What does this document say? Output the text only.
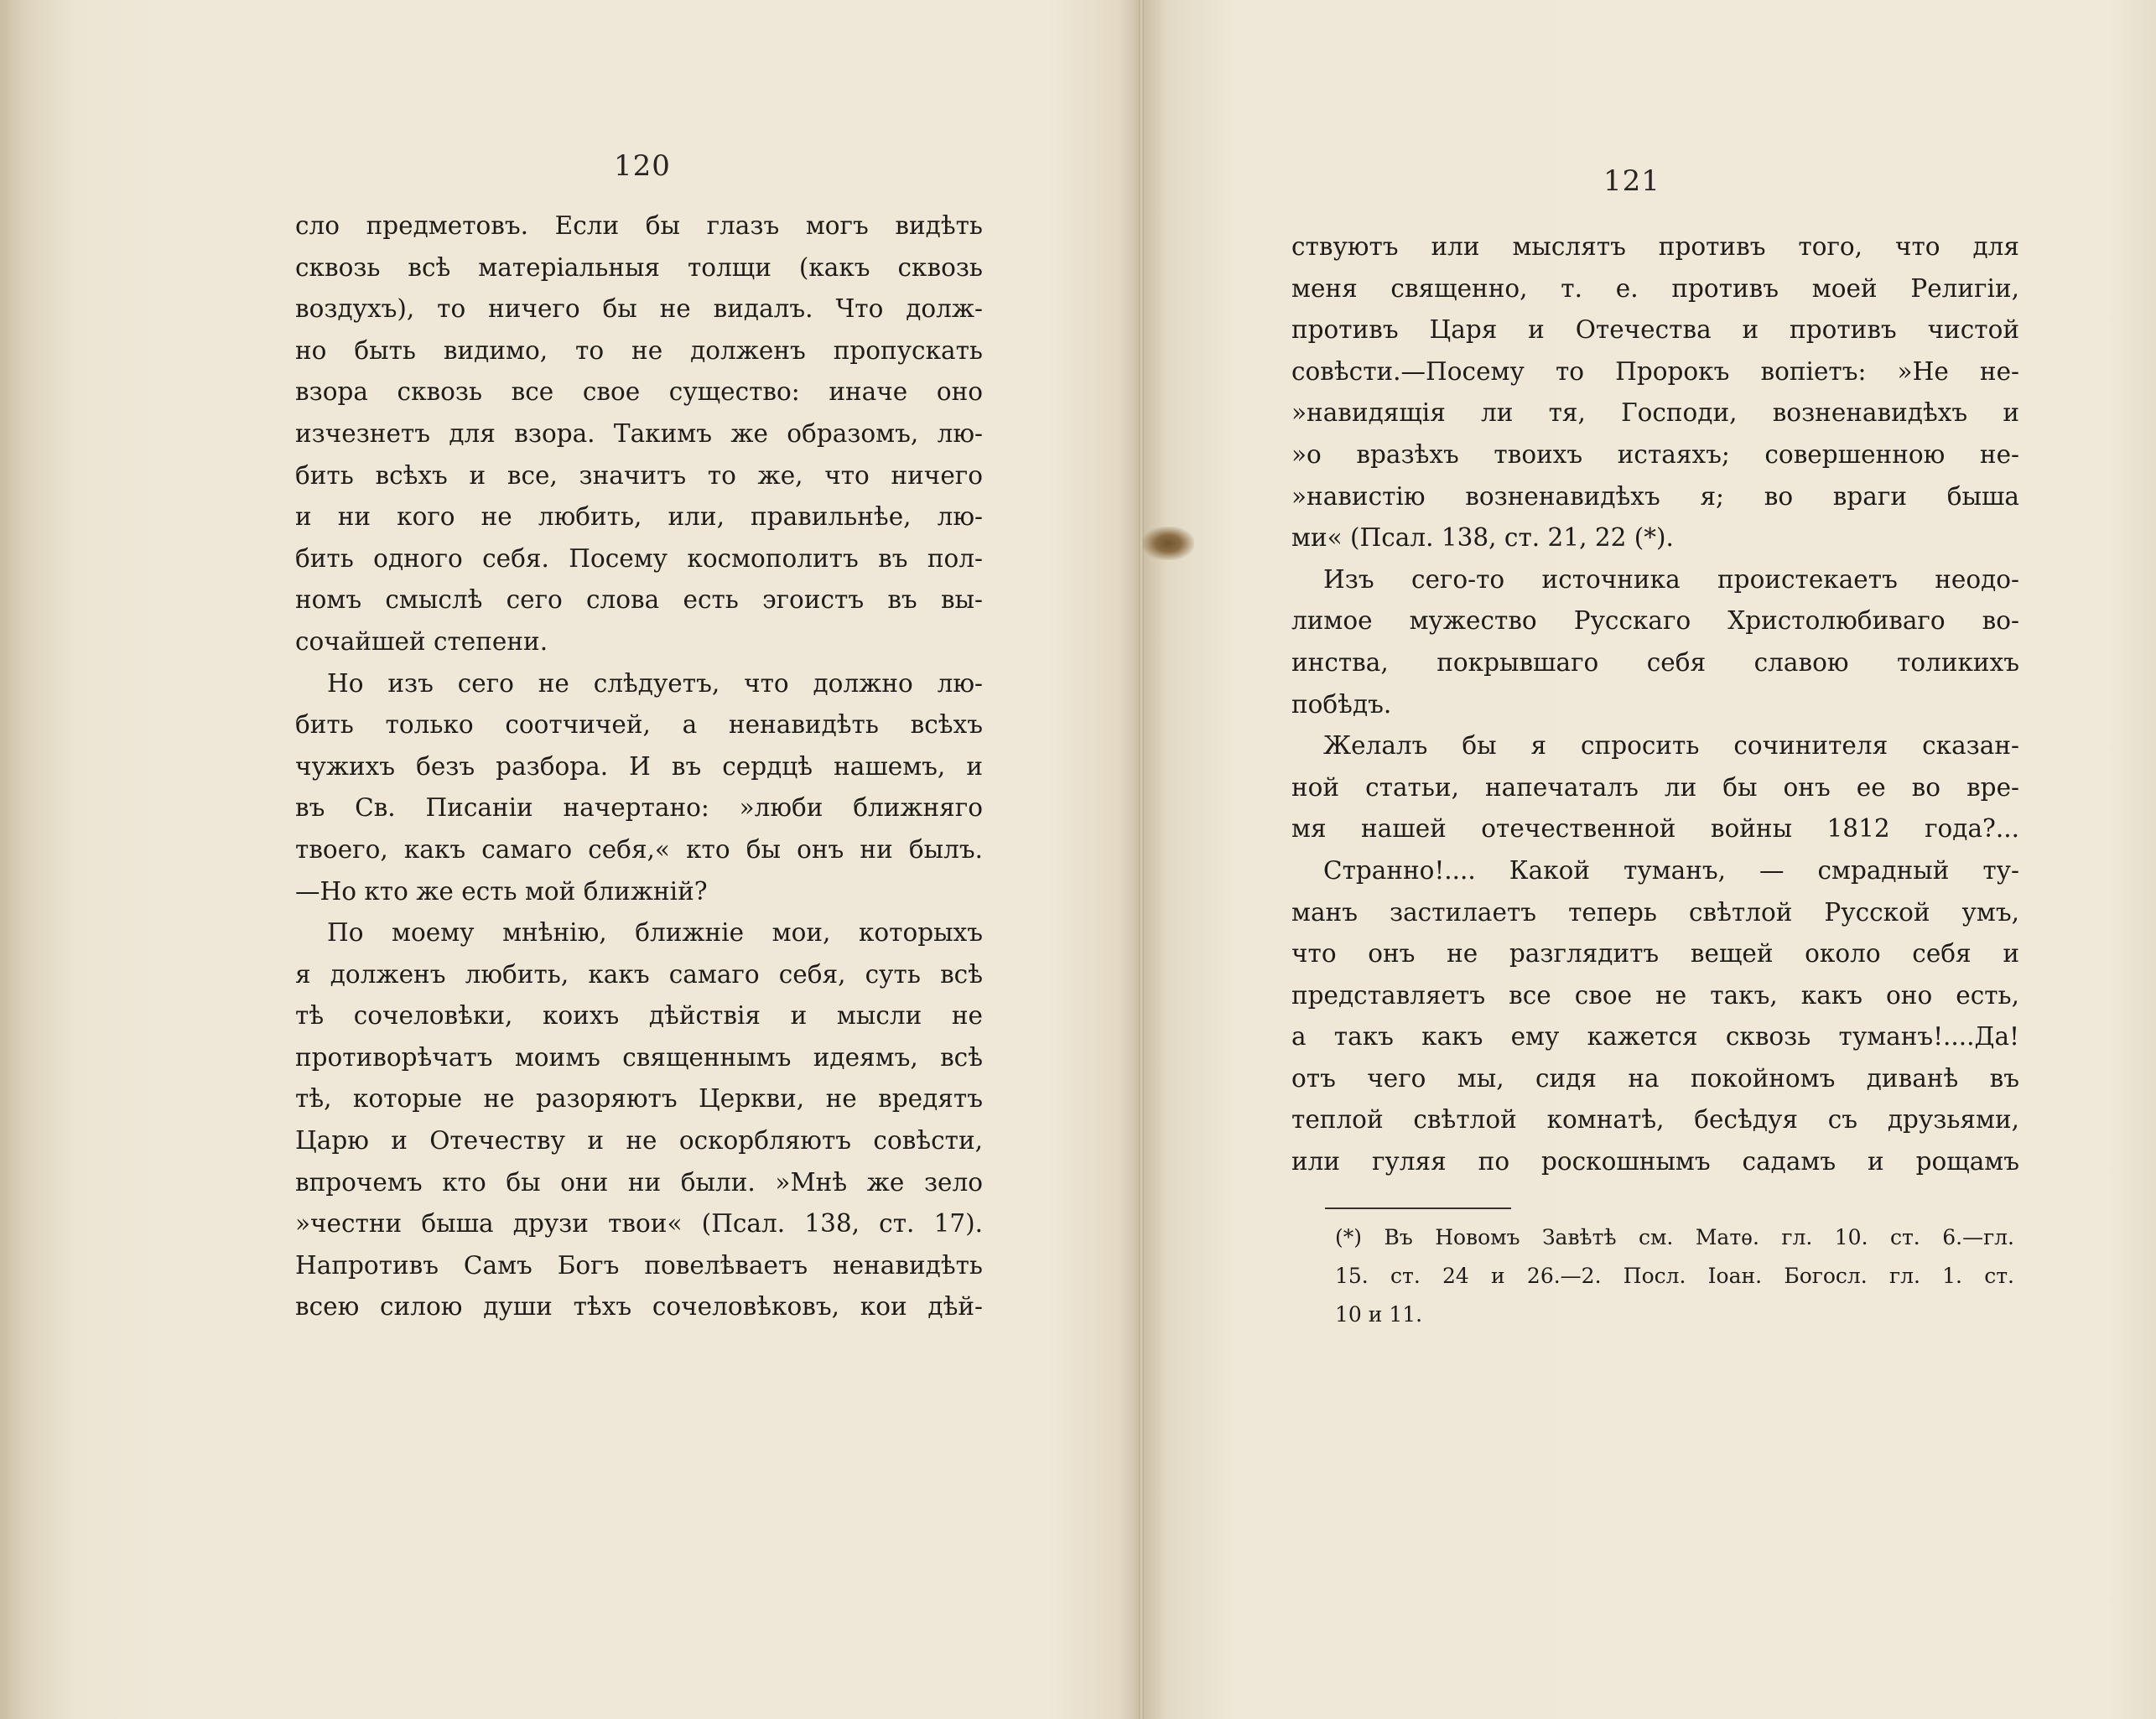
120
сло предметовъ. Если бы глазъ могъ видѣть
сквозь всѣ матеріальныя толщи (какъ сквозь
воздухъ), то ничего бы не видалъ. Что долж-
но быть видимо, то не долженъ пропускать
взора сквозь все свое существо: иначе оно
изчезнетъ для взора. Такимъ же образомъ, лю-
бить всѣхъ и все, значитъ то же, что ничего
и ни кого не любить, или, правильнѣе, лю-
бить одного себя. Посему космополитъ въ пол-
номъ смыслѣ сего слова есть эгоистъ въ вы-
сочайшей степени.
Но изъ сего не слѣдуетъ, что должно лю-
бить только соотчичей, а ненавидѣть всѣхъ
чужихъ безъ разбора. И въ сердцѣ нашемъ, и
въ Св. Писаніи начертано: »люби ближняго
твоего, какъ самаго себя,« кто бы онъ ни былъ.
—Но кто же есть мой ближній?
По моему мнѣнію, ближніе мои, которыхъ
я долженъ любить, какъ самаго себя, суть всѣ
тѣ сочеловѣки, коихъ дѣйствія и мысли не
противорѣчатъ моимъ священнымъ идеямъ, всѣ
тѣ, которые не разоряютъ Церкви, не вредятъ
Царю и Отечеству и не оскорбляютъ совѣсти,
впрочемъ кто бы они ни были. »Мнѣ же зело
»честни быша друзи твои« (Псал. 138, ст. 17).
Напротивъ Самъ Богъ повелѣваетъ ненавидѣть
всею силою души тѣхъ сочеловѣковъ, кои дѣй-
121
ствуютъ или мыслятъ противъ того, что для
меня священно, т. е. противъ моей Религіи,
противъ Царя и Отечества и противъ чистой
совѣсти.—Посему то Пророкъ вопіетъ: »Не не-
»навидящія ли тя, Господи, возненавидѣхъ и
»о вразѣхъ твоихъ истаяхъ; совершенною не-
»навистію возненавидѣхъ я; во враги быша
ми« (Псал. 138, ст. 21, 22 (*).
Изъ сего-то источника проистекаетъ неодо-
лимое мужество Русскаго Христолюбиваго во-
инства, покрывшаго себя славою толикихъ
побѣдъ.
Желалъ бы я спросить сочинителя сказан-
ной статьи, напечаталъ ли бы онъ ее во вре-
мя нашей отечественной войны 1812 года?...
Странно!.... Какой туманъ, — смрадный ту-
манъ застилаетъ теперь свѣтлой Русской умъ,
что онъ не разглядитъ вещей около себя и
представляетъ все свое не такъ, какъ оно есть,
а такъ какъ ему кажется сквозь туманъ!....Да!
отъ чего мы, сидя на покойномъ диванѣ въ
теплой свѣтлой комнатѣ, бесѣдуя съ друзьями,
или гуляя по роскошнымъ садамъ и рощамъ
(*) Въ Новомъ Завѣтѣ см. Матѳ. гл. 10. ст. 6.—гл.
15. ст. 24 и 26.—2. Посл. Іоан. Богосл. гл. 1. ст.
10 и 11.
